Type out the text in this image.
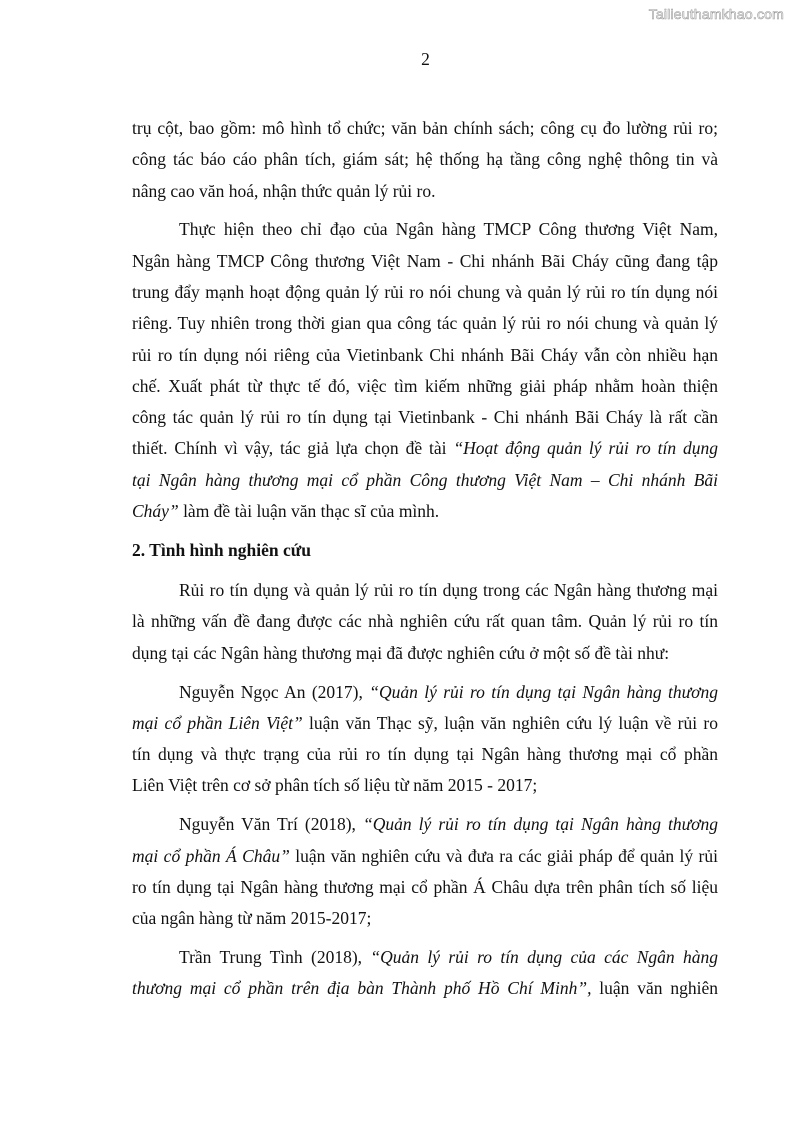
Tailieuthamkhao.com
2
trụ cột, bao gồm: mô hình tổ chức; văn bản chính sách; công cụ đo lường rủi ro;
công tác báo cáo phân tích, giám sát; hệ thống hạ tầng công nghệ thông tin và
nâng cao văn hoá, nhận thức quản lý rủi ro.
Thực hiện theo chỉ đạo của Ngân hàng TMCP Công thương Việt Nam,
Ngân hàng TMCP Công thương Việt Nam - Chi nhánh Bãi Cháy cũng đang tập
trung đẩy mạnh hoạt động quản lý rủi ro nói chung và quản lý rủi ro tín dụng nói
riêng. Tuy nhiên trong thời gian qua công tác quản lý rủi ro nói chung và quản lý
rủi ro tín dụng nói riêng của Vietinbank Chi nhánh Bãi Cháy vẫn còn nhiều hạn
chế. Xuất phát từ thực tế đó, việc tìm kiếm những giải pháp nhằm hoàn thiện
công tác quản lý rủi ro tín dụng tại Vietinbank - Chi nhánh Bãi Cháy là rất cần
thiết. Chính vì vậy, tác giả lựa chọn đề tài “Hoạt động quản lý rủi ro tín dụng
tại Ngân hàng thương mại cổ phần Công thương Việt Nam – Chi nhánh Bãi
Cháy” làm đề tài luận văn thạc sĩ của mình.
2. Tình hình nghiên cứu
Rủi ro tín dụng và quản lý rủi ro tín dụng trong các Ngân hàng thương mại
là những vấn đề đang được các nhà nghiên cứu rất quan tâm. Quản lý rủi ro tín
dụng tại các Ngân hàng thương mại đã được nghiên cứu ở một số đề tài như:
Nguyễn Ngọc An (2017), “Quản lý rủi ro tín dụng tại Ngân hàng thương
mại cổ phần Liên Việt” luận văn Thạc sỹ, luận văn nghiên cứu lý luận về rủi ro
tín dụng và thực trạng của rủi ro tín dụng tại Ngân hàng thương mại cổ phần
Liên Việt trên cơ sở phân tích số liệu từ năm 2015 - 2017;
Nguyễn Văn Trí (2018), “Quản lý rủi ro tín dụng tại Ngân hàng thương
mại cổ phần Á Châu” luận văn nghiên cứu và đưa ra các giải pháp để quản lý rủi
ro tín dụng tại Ngân hàng thương mại cổ phần Á Châu dựa trên phân tích số liệu
của ngân hàng từ năm 2015-2017;
Trần Trung Tình (2018), “Quản lý rủi ro tín dụng của các Ngân hàng
thương mại cổ phần trên địa bàn Thành phố Hồ Chí Minh”, luận văn nghiên
